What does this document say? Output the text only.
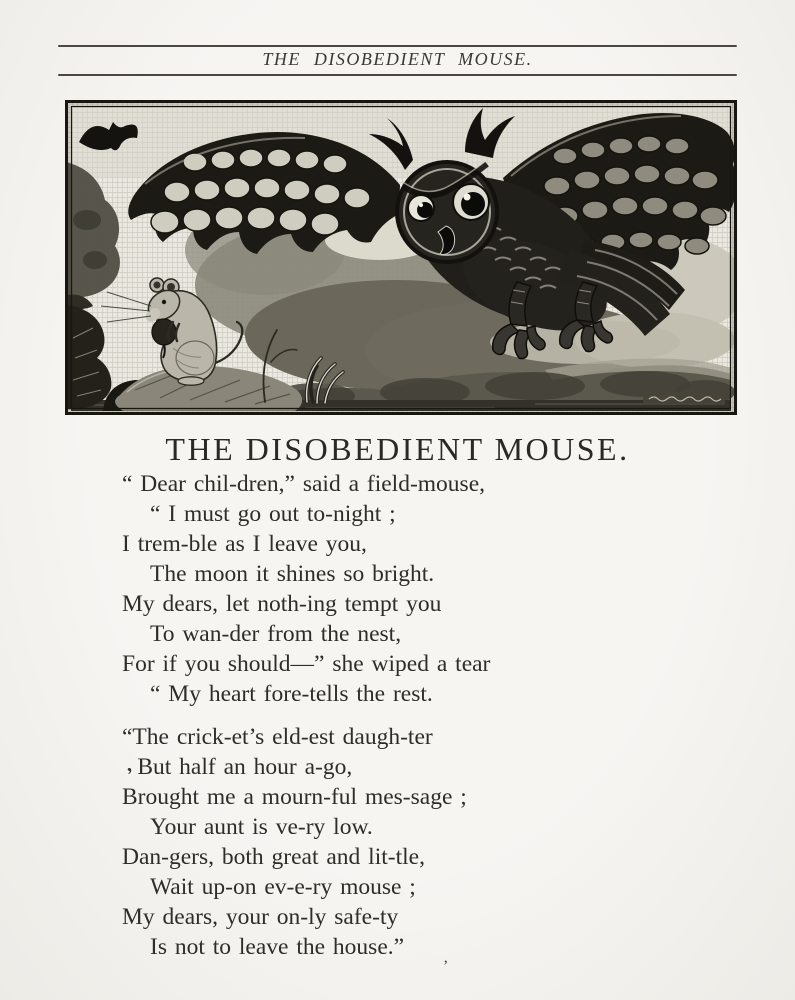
THE DISOBEDIENT MOUSE.
THE DISOBEDIENT MOUSE.
“ Dear chil-dren,” said a field-mouse,
“ I must go out to-night ;
I trem-ble as I leave you,
The moon it shines so bright.
My dears, let noth-ing tempt you
To wan-der from the nest,
For if you should—” she wiped a tear
“ My heart fore-tells the rest.
“The crick-et’s eld-est daugh-ter
‚ But half an hour a-go,
Brought me a mourn-ful mes-sage ;
Your aunt is ve-ry low.
Dan-gers, both great and lit-tle,
Wait up-on ev-e-ry mouse ;
My dears, your on-ly safe-ty
Is not to leave the house.”
’
